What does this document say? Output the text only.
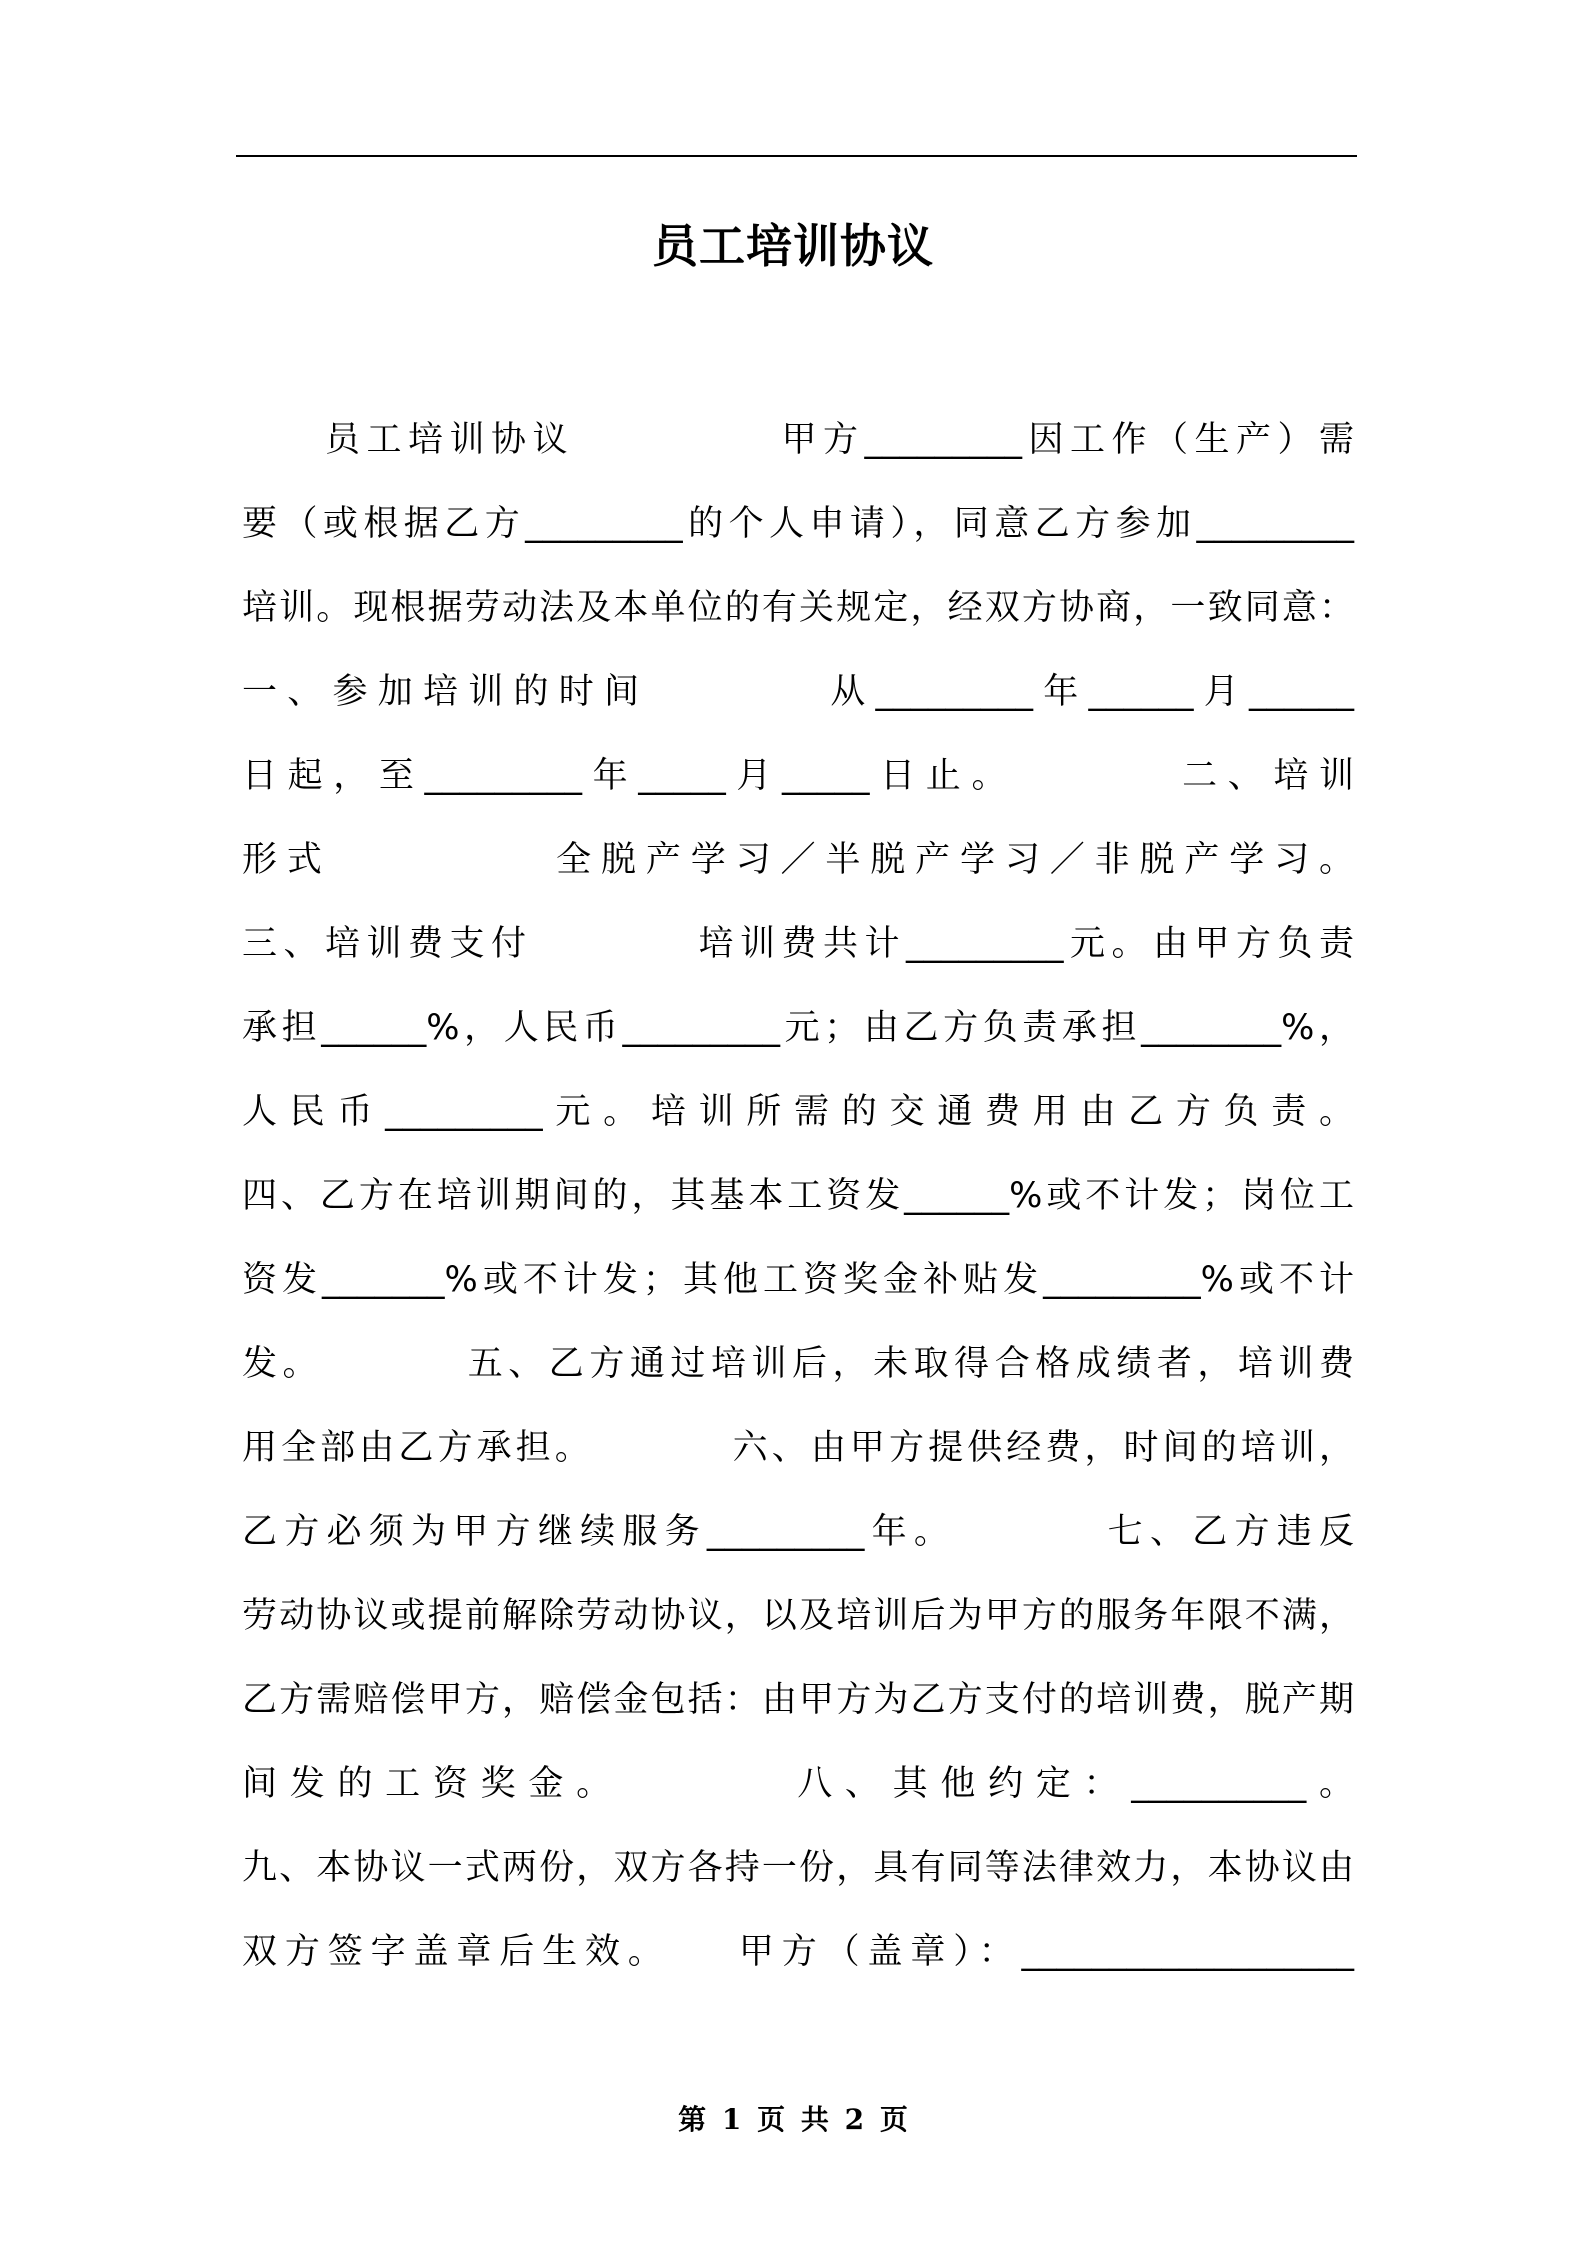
员工培训协议
　　员工培训协议　　　　　甲方_________因工作（生产）需
要（或根据乙方_________的个人申请），同意乙方参加_________
培训。现根据劳动法及本单位的有关规定，经双方协商，一致同意：
一、参加培训的时间　　　　从_________年______月______
日起，至_________年_____月_____日止。　　　　二、培训
形式　　　　　全脱产学习／半脱产学习／非脱产学习。
三、培训费支付　　　　培训费共计_________元。由甲方负责
承担______%，人民币_________元；由乙方负责承担________%，
人民币_________元。培训所需的交通费用由乙方负责。
四、乙方在培训期间的，其基本工资发______%或不计发；岗位工
资发_______%或不计发；其他工资奖金补贴发_________%或不计
发。　　　　五、乙方通过培训后，未取得合格成绩者，培训费
用全部由乙方承担。　　　　六、由甲方提供经费，时间的培训，
乙方必须为甲方继续服务_________年。　　　　七、乙方违反
劳动协议或提前解除劳动协议，以及培训后为甲方的服务年限不满，
乙方需赔偿甲方，赔偿金包括：由甲方为乙方支付的培训费，脱产期
间发的工资奖金。　　　　八、其他约定：__________。
九、本协议一式两份，双方各持一份，具有同等法律效力，本协议由
双方签字盖章后生效。　　甲方（盖章）：___________________
第 1 页 共 2 页
